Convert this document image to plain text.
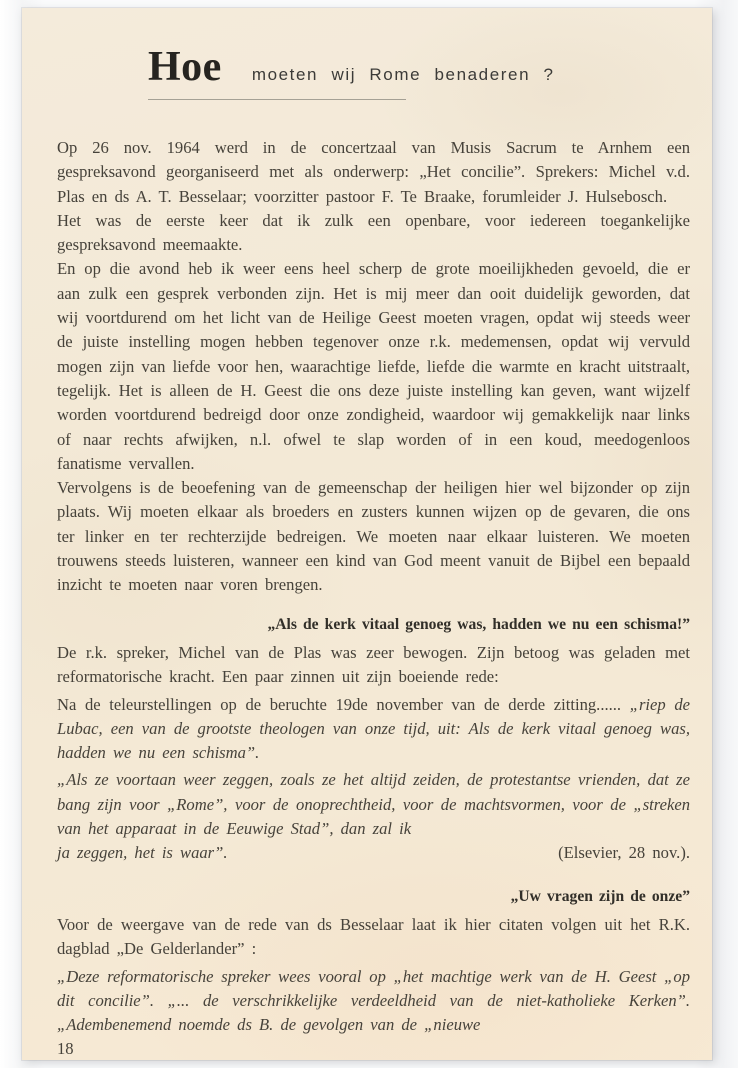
Hoe moeten wij Rome benaderen ?

Op 26 nov. 1964 werd in de concertzaal van Musis Sacrum te Arnhem een gespreksavond georganiseerd met als onderwerp: „Het concilie”. Sprekers: Michel v.d. Plas en ds A. T. Besselaar; voorzitter pastoor F. Te Braake, forumleider J. Hulsebosch.

Het was de eerste keer dat ik zulk een openbare, voor iedereen toegankelijke gespreksavond meemaakte.

En op die avond heb ik weer eens heel scherp de grote moeilijkheden gevoeld, die er aan zulk een gesprek verbonden zijn. Het is mij meer dan ooit duidelijk geworden, dat wij voortdurend om het licht van de Heilige Geest moeten vragen, opdat wij steeds weer de juiste instelling mogen hebben tegenover onze r.k. medemensen, opdat wij vervuld mogen zijn van liefde voor hen, waarachtige liefde, liefde die warmte en kracht uitstraalt, tegelijk. Het is alleen de H. Geest die ons deze juiste instelling kan geven, want wijzelf worden voortdurend bedreigd door onze zondigheid, waardoor wij gemakkelijk naar links of naar rechts afwijken, n.l. ofwel te slap worden of in een koud, meedogenloos fanatisme vervallen.

Vervolgens is de beoefening van de gemeenschap der heiligen hier wel bijzonder op zijn plaats. Wij moeten elkaar als broeders en zusters kunnen wijzen op de gevaren, die ons ter linker en ter rechterzijde bedreigen. We moeten naar elkaar luisteren. We moeten trouwens steeds luisteren, wanneer een kind van God meent vanuit de Bijbel een bepaald inzicht te moeten naar voren brengen.

„Als de kerk vitaal genoeg was, hadden we nu een schisma!”

De r.k. spreker, Michel van de Plas was zeer bewogen. Zijn betoog was geladen met reformatorische kracht. Een paar zinnen uit zijn boeiende rede:

Na de teleurstellingen op de beruchte 19de november van de derde zitting...... „riep de Lubac, een van de grootste theologen van onze tijd, uit: Als de kerk vitaal genoeg was, hadden we nu een schisma”.

„Als ze voortaan weer zeggen, zoals ze het altijd zeiden, de protestantse vrienden, dat ze bang zijn voor „Rome”, voor de onoprechtheid, voor de machtsvormen, voor de „streken van het apparaat in de Eeuwige Stad”, dan zal ik

ja zeggen, het is waar”.	(Elsevier, 28 nov.).

„Uw vragen zijn de onze”

Voor de weergave van de rede van ds Besselaar laat ik hier citaten volgen uit het R.K. dagblad „De Gelderlander” :

„Deze reformatorische spreker wees vooral op „het machtige werk van de H. Geest „op dit concilie”. „... de verschrikkelijke verdeeldheid van de niet-katholieke Kerken”. „Adembenemend noemde ds B. de gevolgen van de „nieuwe

18
